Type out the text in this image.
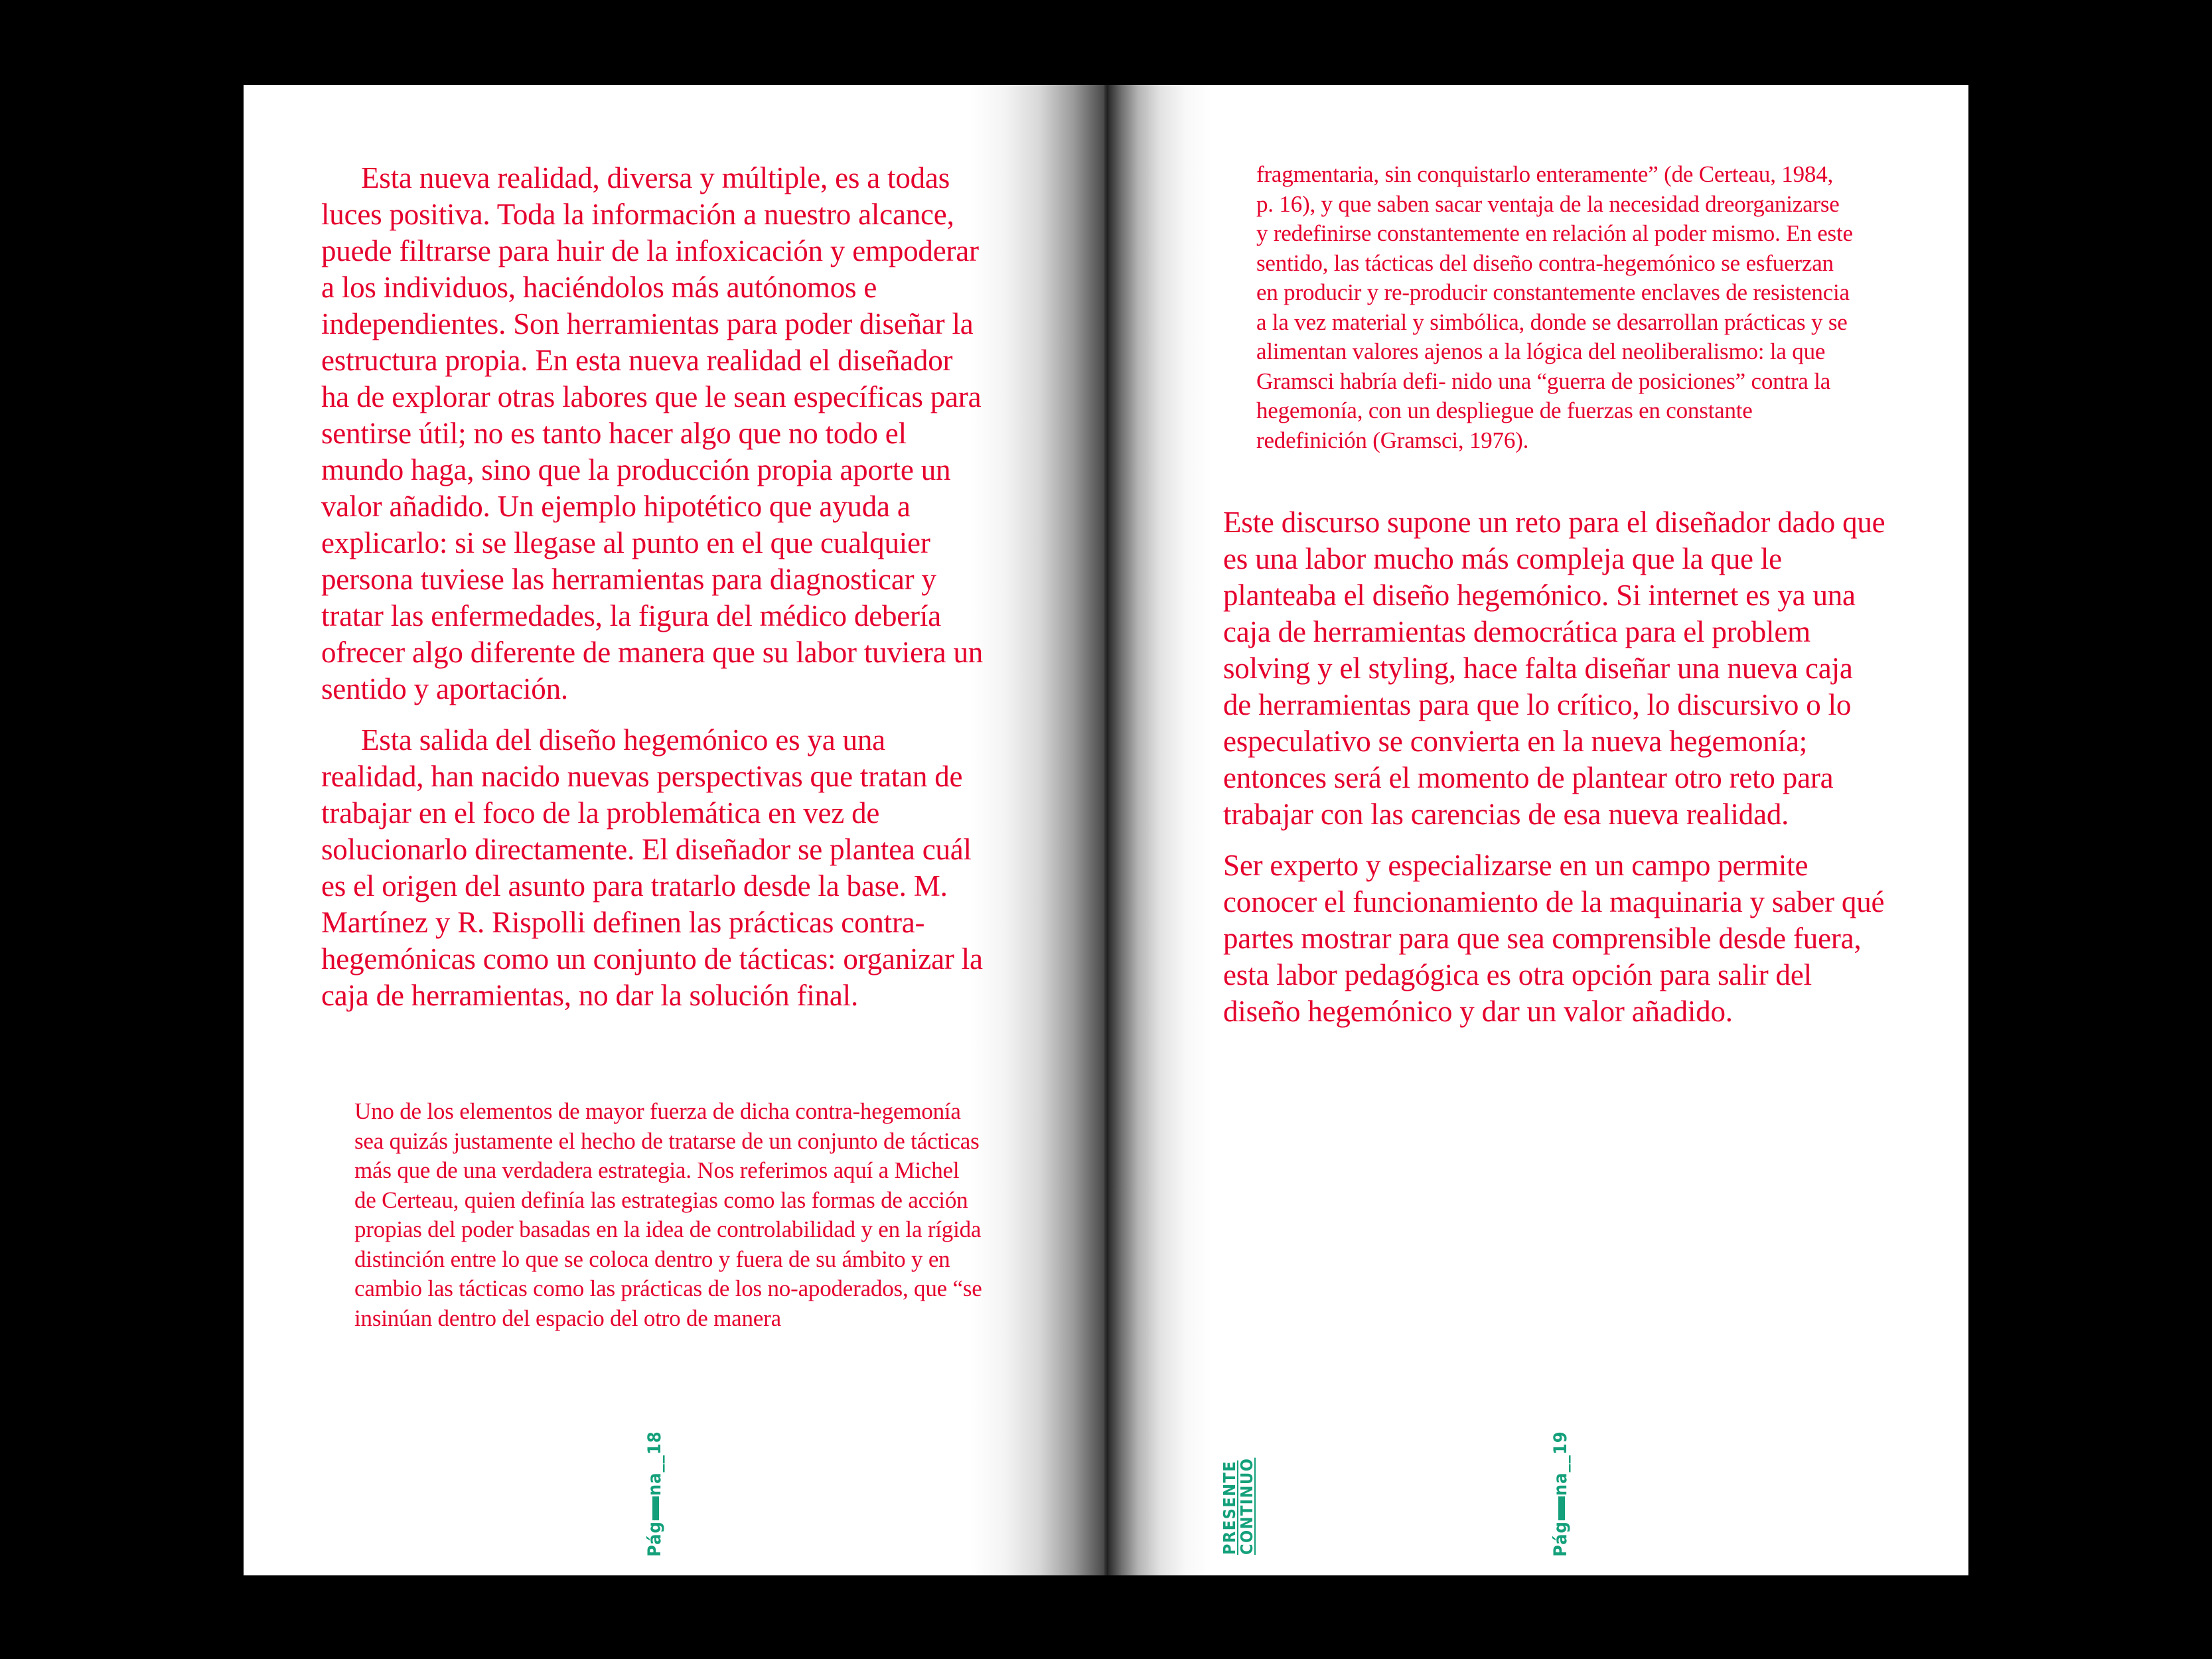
Esta nueva realidad, diversa y múltiple, es a todas luces positiva. Toda la información a nuestro alcance, puede filtrarse para huir de la infoxicación y empoderar a los individuos, haciéndolos más autónomos e independientes. Son herramientas para poder diseñar la estructura propia. En esta nueva realidad el diseñador ha de explorar otras labores que le sean específicas para sentirse útil; no es tanto hacer algo que no todo el mundo haga, sino que la producción propia aporte un valor añadido. Un ejemplo hipotético que ayuda a explicarlo: si se llegase al punto en el que cualquier persona tuviese las herramientas para diagnosticar y tratar las enfermedades, la figura del médico debería ofrecer algo diferente de manera que su labor tuviera un sentido y aportación.

Esta salida del diseño hegemónico es ya una realidad, han nacido nuevas perspectivas que tratan de trabajar en el foco de la problemática en vez de solucionarlo directamente. El diseñador se plantea cuál es el origen del asunto para tratarlo desde la base. M. Martínez y R. Rispolli definen las prácticas contra-hegemónicas como un conjunto de tácticas: organizar la caja de herramientas, no dar la solución final.

Uno de los elementos de mayor fuerza de dicha contra-hegemonía sea quizás justamente el hecho de tratarse de un conjunto de tácticas más que de una verdadera estrategia. Nos referimos aquí a Michel de Certeau, quien definía las estrategias como las formas de acción propias del poder basadas en la idea de controlabilidad y en la rígida distinción entre lo que se coloca dentro y fuera de su ámbito y en cambio las tácticas como las prácticas de los no-apoderados, que “se insinúan dentro del espacio del otro de manera

Págna__18

fragmentaria, sin conquistarlo enteramente” (de Certeau, 1984, p. 16), y que saben sacar ventaja de la necesidad dreorganizarse y redefinirse constantemente en relación al poder mismo. En este sentido, las tácticas del diseño contra-hegemónico se esfuerzan en producir y re-producir constantemente enclaves de resistencia a la vez material y simbólica, donde se desarrollan prácticas y se alimentan valores ajenos a la lógica del neoliberalismo: la que Gramsci habría defi- nido una “guerra de posiciones” contra la hegemonía, con un despliegue de fuerzas en constante redefinición (Gramsci, 1976).

Este discurso supone un reto para el diseñador dado que es una labor mucho más compleja que la que le planteaba el diseño hegemónico. Si internet es ya una caja de herramientas democrática para el problem solving y el styling, hace falta diseñar una nueva caja de herramientas para que lo crítico, lo discursivo o lo especulativo se convierta en la nueva hegemonía; entonces será el momento de plantear otro reto para trabajar con las carencias de esa nueva realidad.

Ser experto y especializarse en un campo permite conocer el funcionamiento de la maquinaria y saber qué partes mostrar para que sea comprensible desde fuera, esta labor pedagógica es otra opción para salir del diseño hegemónico y dar un valor añadido.

PRESENTE
CONTINUO	Págna__19
